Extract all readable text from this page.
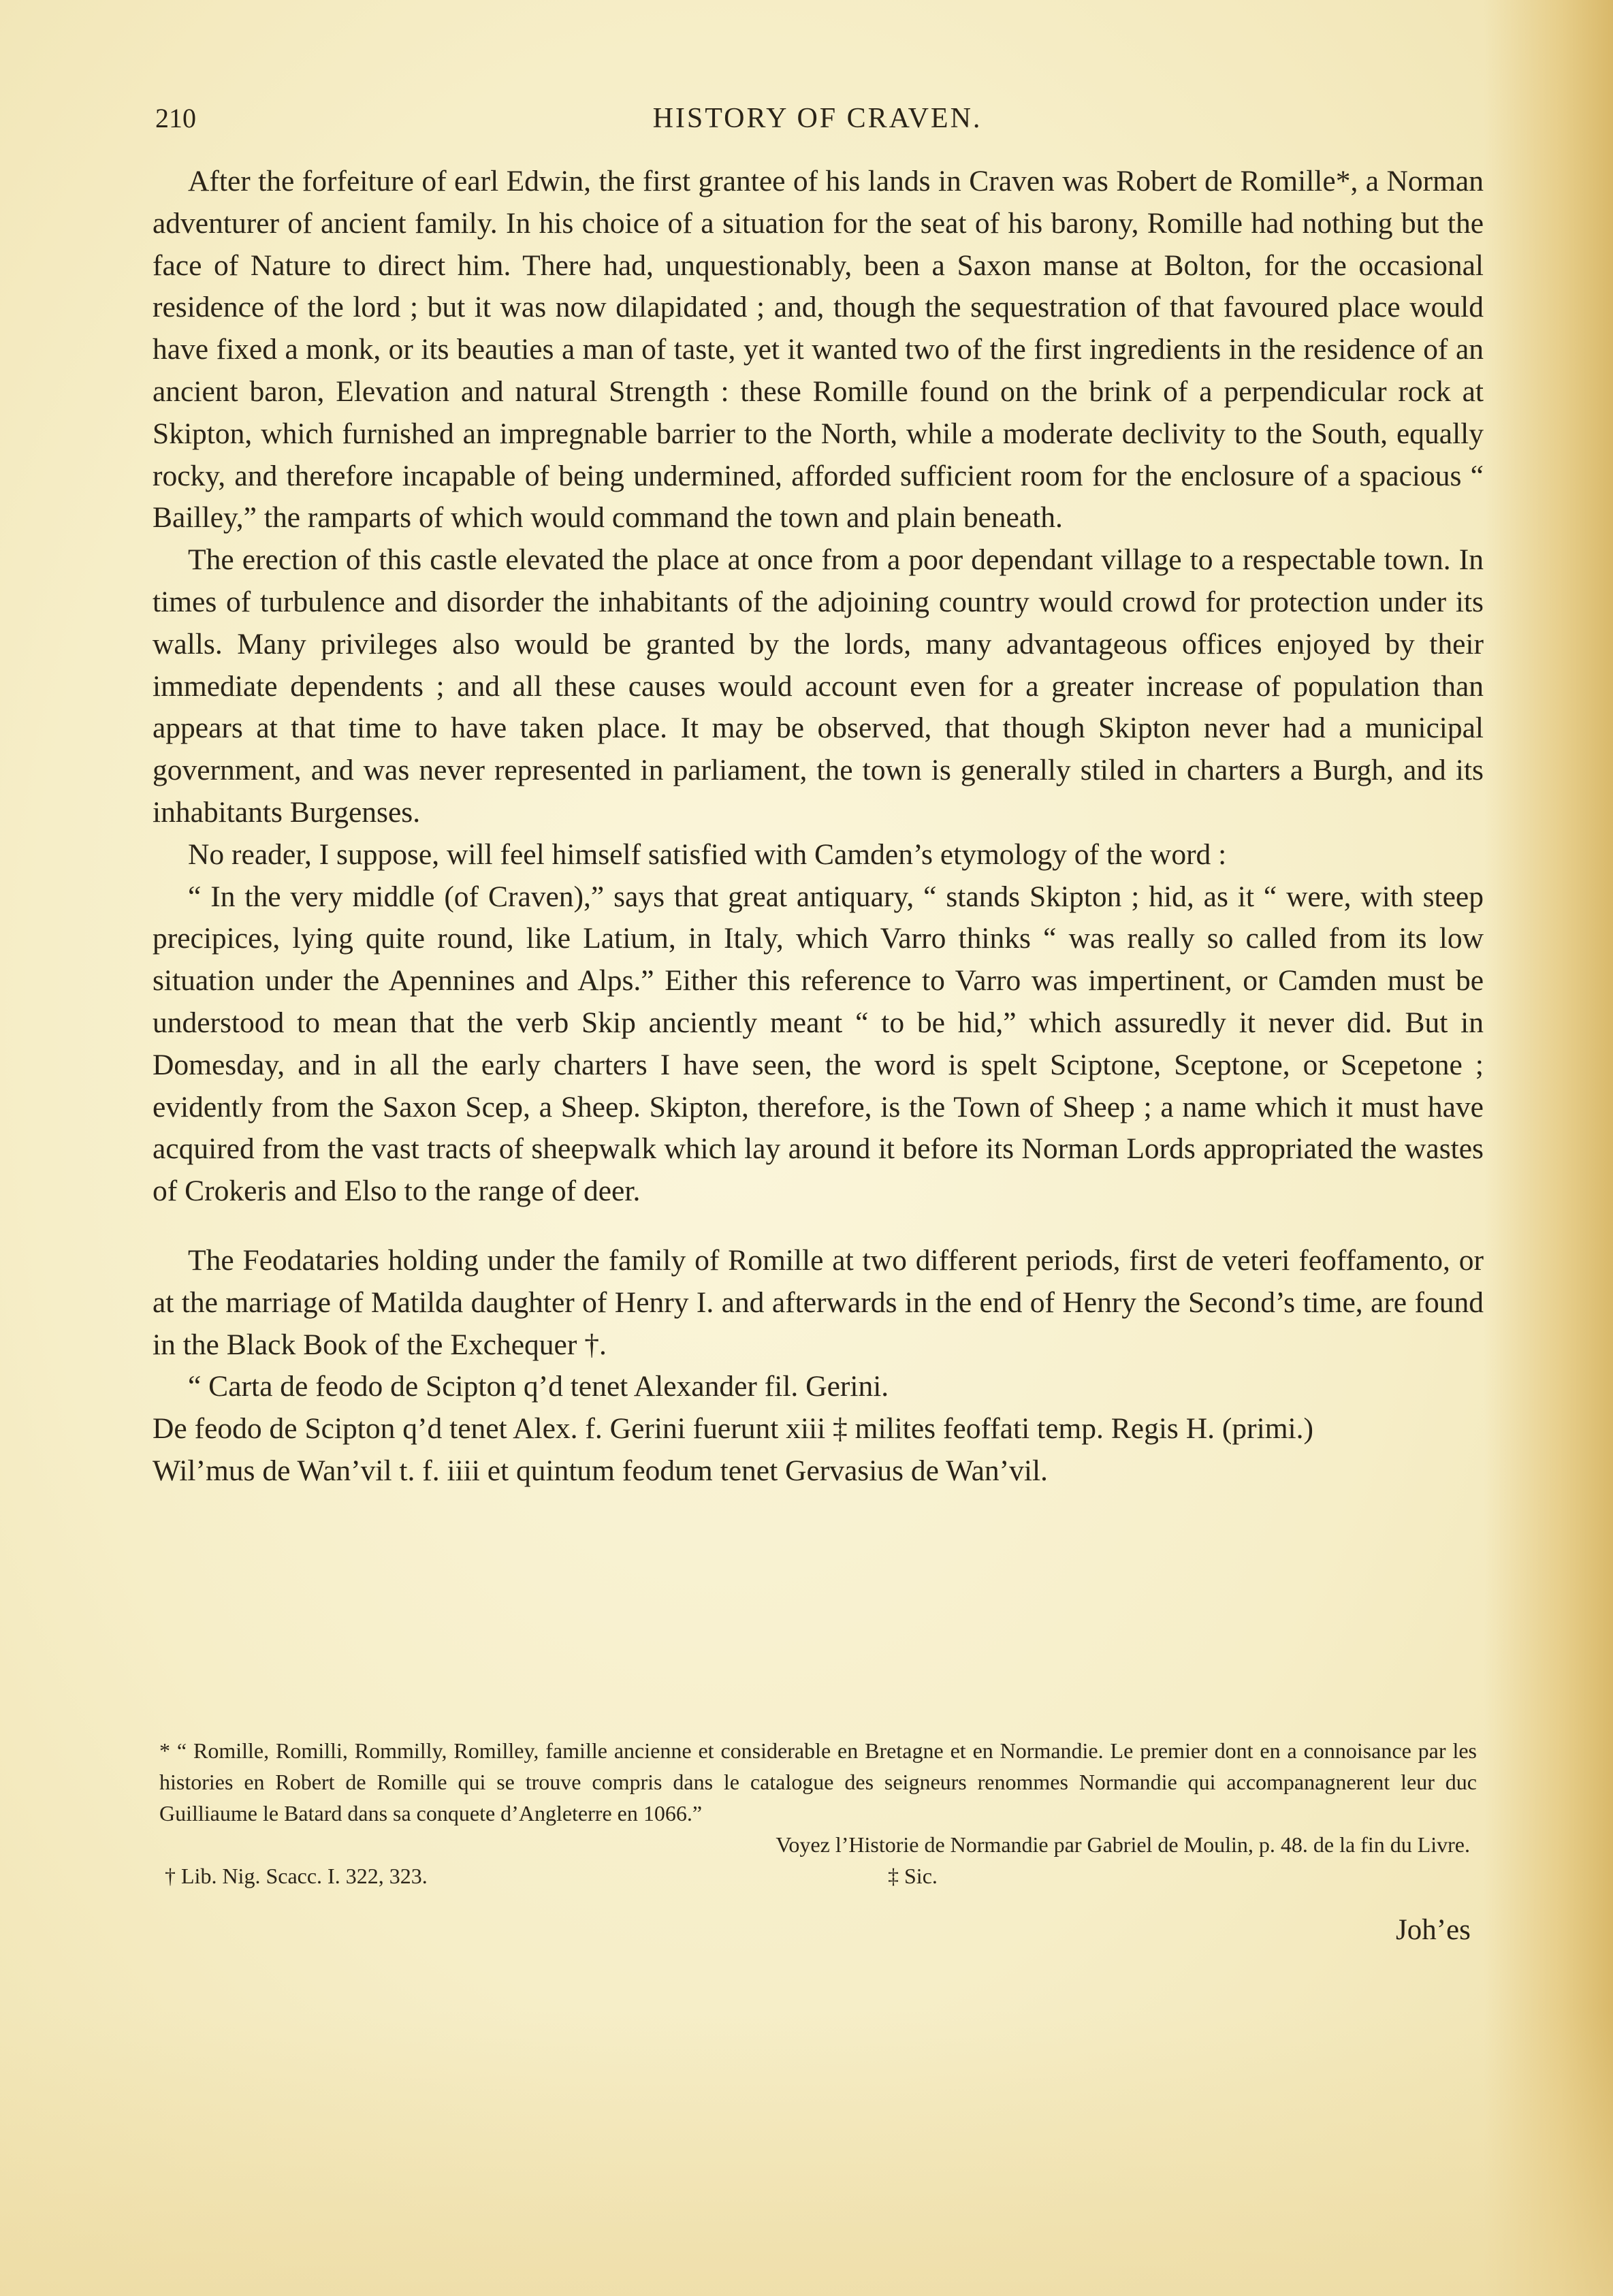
HISTORY OF CRAVEN.
210

After the forfeiture of earl Edwin, the first grantee of his lands in Craven was Robert de Romille*, a Norman adventurer of ancient family. In his choice of a situation for the seat of his barony, Romille had nothing but the face of Nature to direct him. There had, unquestionably, been a Saxon manse at Bolton, for the occasional residence of the lord ; but it was now dilapidated ; and, though the sequestration of that favoured place would have fixed a monk, or its beauties a man of taste, yet it wanted two of the first ingredients in the residence of an ancient baron, Elevation and natural Strength : these Romille found on the brink of a perpendicular rock at Skipton, which furnished an impregnable barrier to the North, while a moderate declivity to the South, equally rocky, and therefore incapable of being undermined, afforded sufficient room for the enclosure of a spacious “ Bailley,” the ramparts of which would command the town and plain beneath.

The erection of this castle elevated the place at once from a poor dependant village to a respectable town. In times of turbulence and disorder the inhabitants of the adjoining country would crowd for protection under its walls. Many privileges also would be granted by the lords, many advantageous offices enjoyed by their immediate dependents ; and all these causes would account even for a greater increase of population than appears at that time to have taken place. It may be observed, that though Skipton never had a municipal government, and was never represented in parliament, the town is generally stiled in charters a Burgh, and its inhabitants Burgenses.

No reader, I suppose, will feel himself satisfied with Camden’s etymology of the word :

“ In the very middle (of Craven),” says that great antiquary, “ stands Skipton ; hid, as it “ were, with steep precipices, lying quite round, like Latium, in Italy, which Varro thinks “ was really so called from its low situation under the Apennines and Alps.” Either this reference to Varro was impertinent, or Camden must be understood to mean that the verb Skip anciently meant “ to be hid,” which assuredly it never did. But in Domesday, and in all the early charters I have seen, the word is spelt Sciptone, Sceptone, or Scepetone ; evidently from the Saxon Scep, a Sheep. Skipton, therefore, is the Town of Sheep ; a name which it must have acquired from the vast tracts of sheepwalk which lay around it before its Norman Lords appropriated the wastes of Crokeris and Elso to the range of deer.

The Feodataries holding under the family of Romille at two different periods, first de veteri feoffamento, or at the marriage of Matilda daughter of Henry I. and afterwards in the end of Henry the Second’s time, are found in the Black Book of the Exchequer †.

“ Carta de feodo de Scipton q’d tenet Alexander fil. Gerini.

De feodo de Scipton q’d tenet Alex. f. Gerini fuerunt xiii ‡ milites feoffati temp. Regis H. (primi.)

Wil’mus de Wan’vil t. f. iiii et quintum feodum tenet Gervasius de Wan’vil.

* “ Romille, Romilli, Rommilly, Romilley, famille ancienne et considerable en Bretagne et en Normandie. Le premier dont en a connoisance par les histories en Robert de Romille qui se trouve compris dans le catalogue des seigneurs renommes Normandie qui accompanagnerent leur duc Guilliaume le Batard dans sa conquete d’Angleterre en 1066.”

Voyez l’Historie de Normandie par Gabriel de Moulin, p. 48. de la fin du Livre.

† Lib. Nig. Scacc. I. 322, 323.	‡ Sic.
Joh’es
